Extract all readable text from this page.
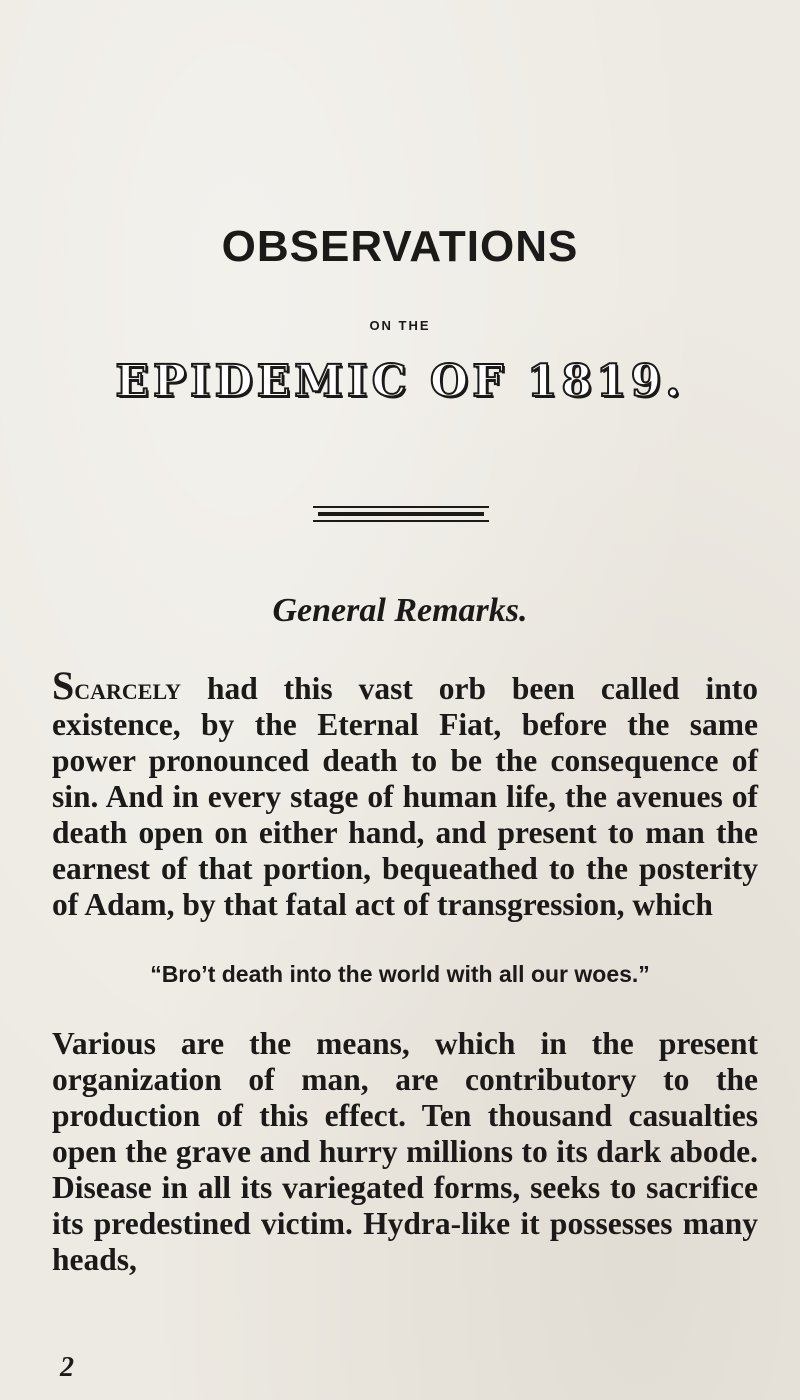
OBSERVATIONS
ON THE
EPIDEMIC OF 1819.
General Remarks.
Scarcely had this vast orb been called into existence, by the Eternal Fiat, before the same power pronounced death to be the consequence of sin. And in every stage of human life, the avenues of death open on either hand, and present to man the earnest of that portion, bequeathed to the posterity of Adam, by that fatal act of transgression, which
“Bro’t death into the world with all our woes.”
Various are the means, which in the present organization of man, are contributory to the production of this effect. Ten thousand casualties open the grave and hurry millions to its dark abode. Disease in all its variegated forms, seeks to sacrifice its predestined victim. Hydra-like it possesses many heads,
2
